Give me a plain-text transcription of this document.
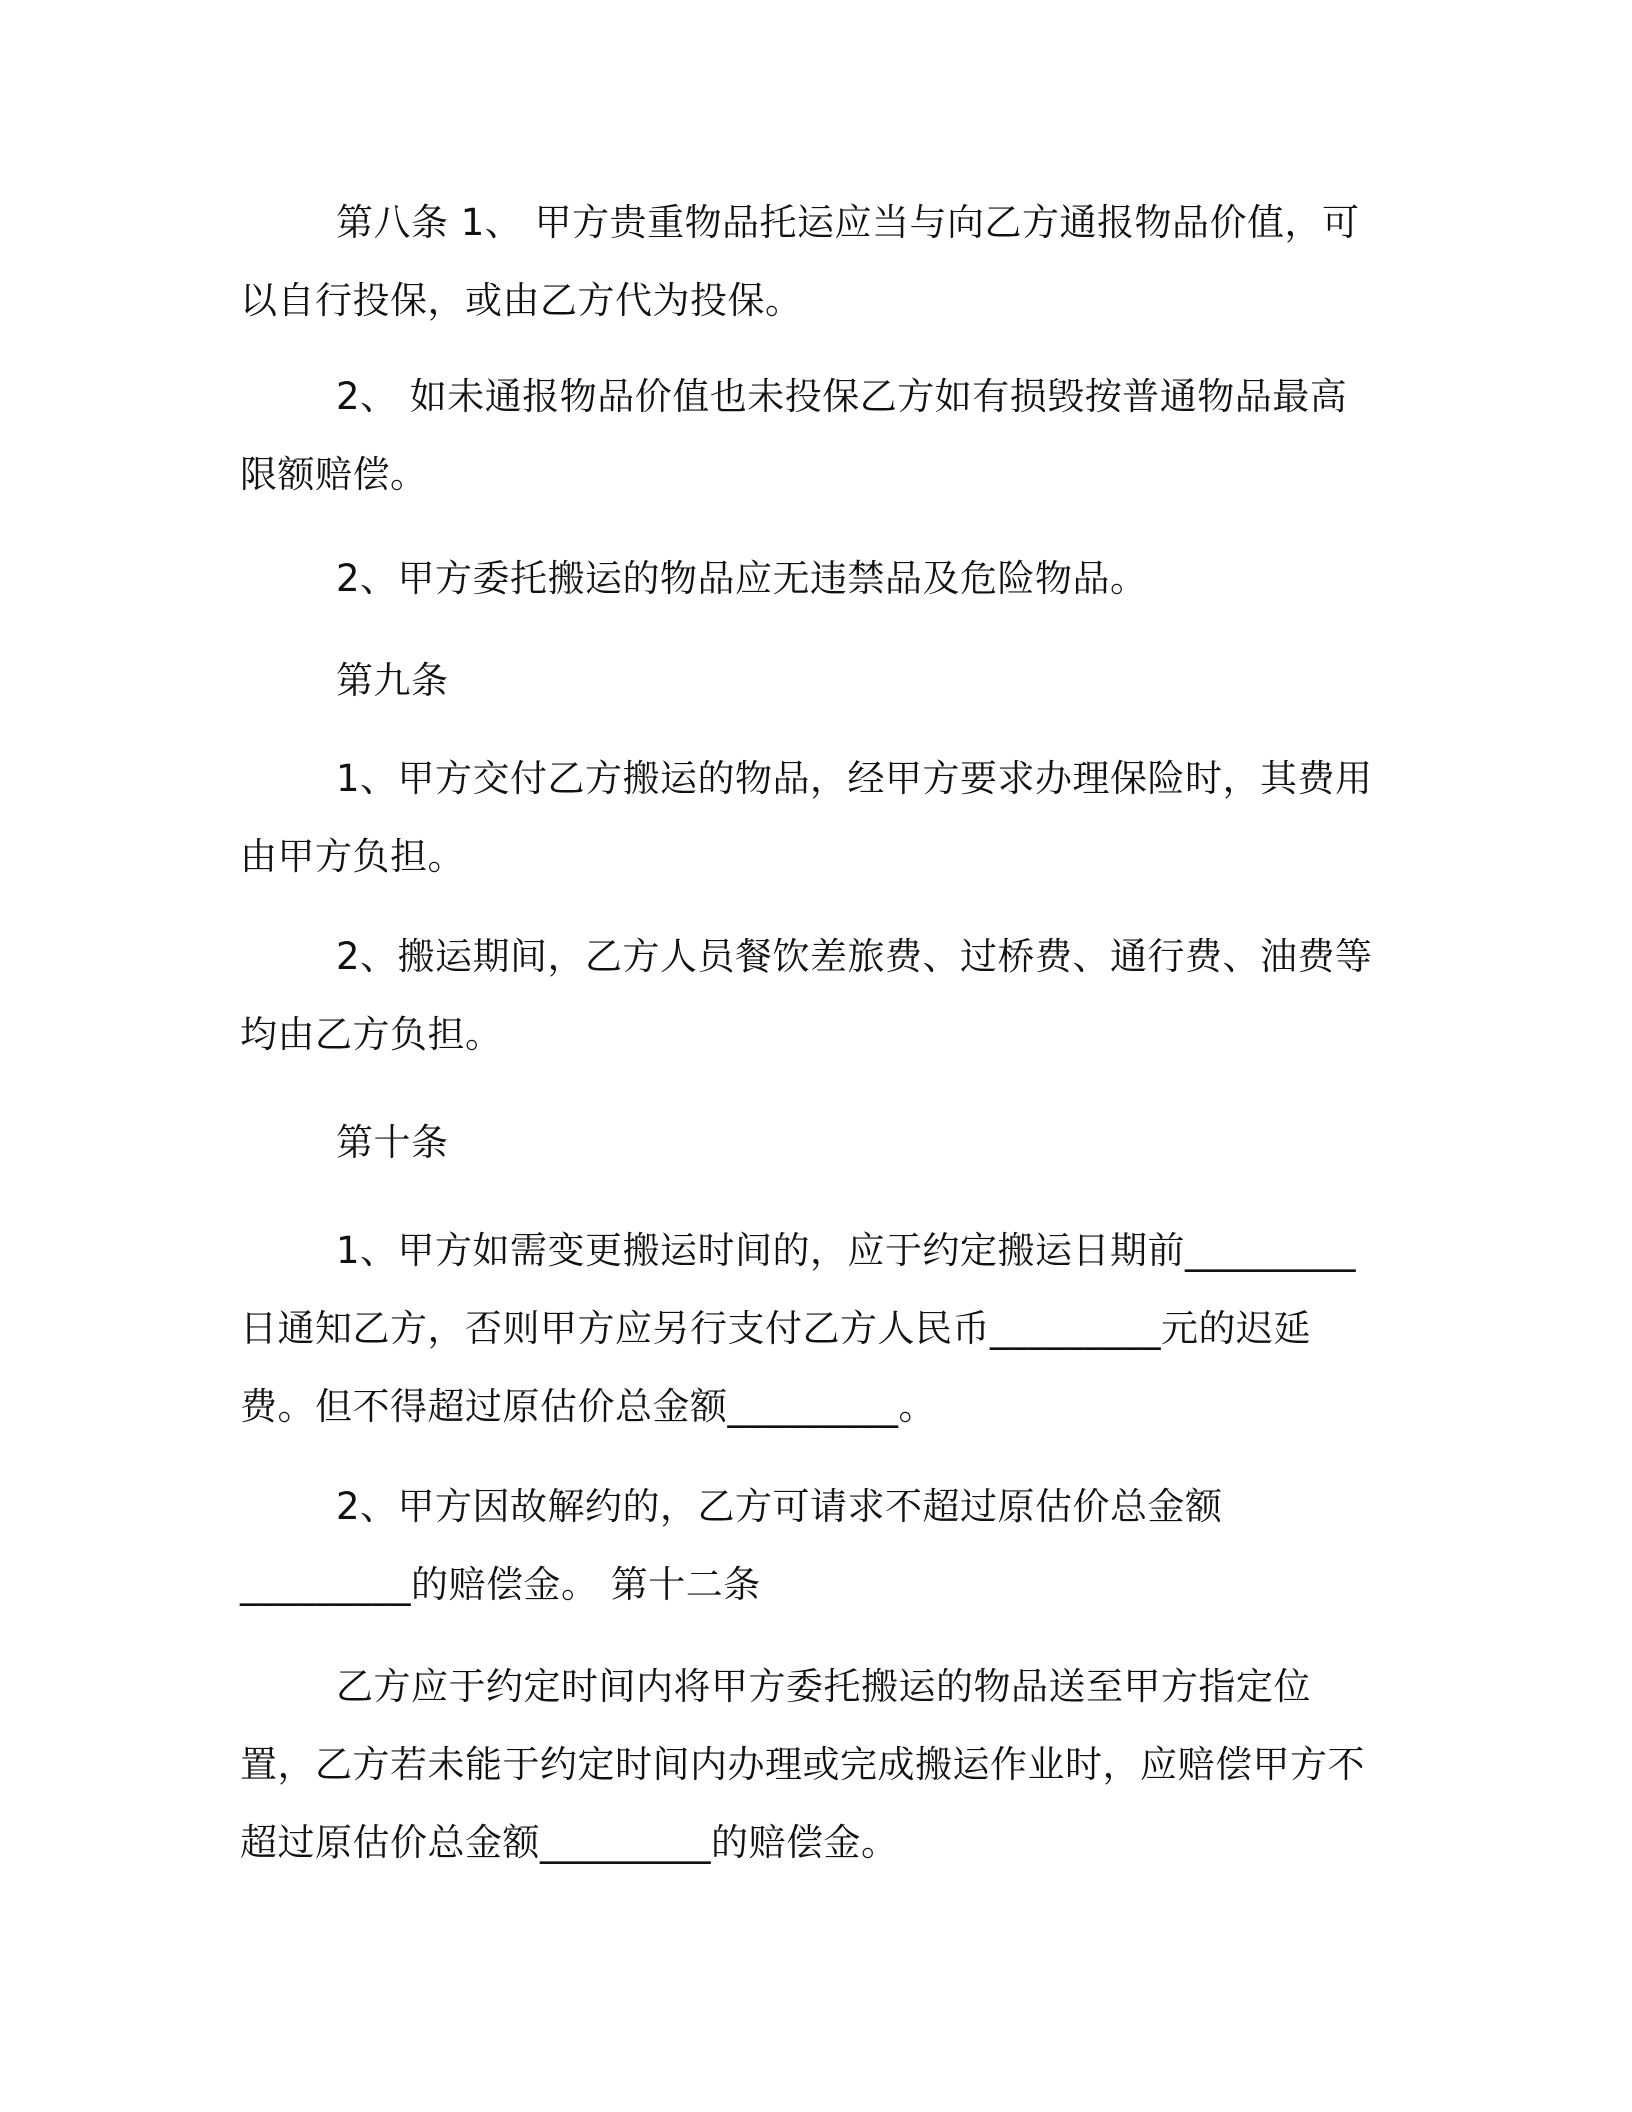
第八条 1、 甲方贵重物品托运应当与向乙方通报物品价值，可以自行投保，或由乙方代为投保。

2、 如未通报物品价值也未投保乙方如有损毁按普通物品最高限额赔偿。

2、甲方委托搬运的物品应无违禁品及危险物品。

第九条

1、甲方交付乙方搬运的物品，经甲方要求办理保险时，其费用由甲方负担。

2、搬运期间，乙方人员餐饮差旅费、过桥费、通行费、油费等均由乙方负担。

第十条

1、甲方如需变更搬运时间的，应于约定搬运日期前_________日通知乙方，否则甲方应另行支付乙方人民币_________元的迟延费。但不得超过原估价总金额_________。

2、甲方因故解约的，乙方可请求不超过原估价总金额_________的赔偿金。 第十二条

乙方应于约定时间内将甲方委托搬运的物品送至甲方指定位置，乙方若未能于约定时间内办理或完成搬运作业时，应赔偿甲方不超过原估价总金额_________的赔偿金。
